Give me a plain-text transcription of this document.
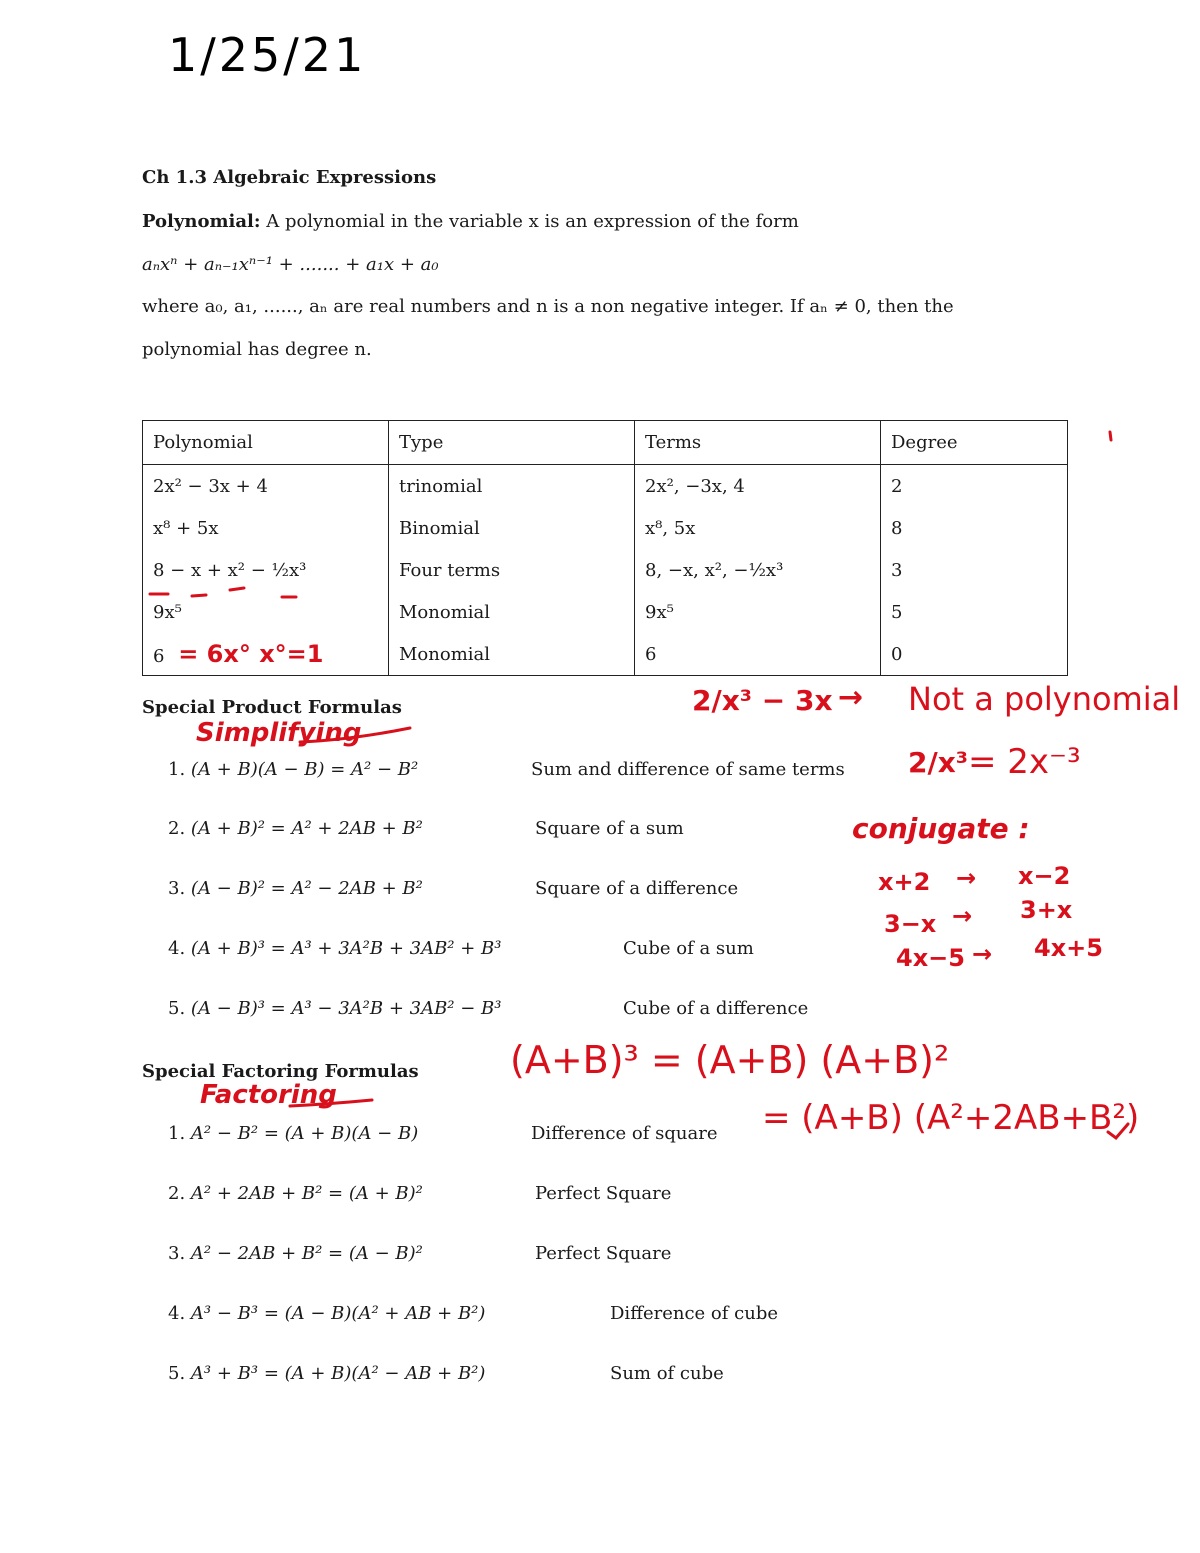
1/25/21
Ch 1.3 Algebraic Expressions
Polynomial: A polynomial in the variable x is an expression of the form
aₙxⁿ + aₙ₋₁xⁿ⁻¹ + ....... + a₁x + a₀
where a₀, a₁, ......, aₙ are real numbers and n is a non negative integer. If aₙ ≠ 0, then the
polynomial has degree n.
Polynomial	Type	Terms	Degree
2x² − 3x + 4	trinomial	2x², −3x, 4	2
x⁸ + 5x	Binomial	x⁸, 5x	8
8 − x + x² − ½x³	Four terms	8, −x, x², −½x³	3
9x⁵	Monomial	9x⁵	5
6 = 6x° x°=1	Monomial	6	0
Special Product Formulas
Simplifying
1. (A + B)(A − B) = A² − B²	Sum and difference of same terms
2. (A + B)² = A² + 2AB + B²	Square of a sum
3. (A − B)² = A² − 2AB + B²	Square of a difference
4. (A + B)³ = A³ + 3A²B + 3AB² + B³	Cube of a sum
5. (A − B)³ = A³ − 3A²B + 3AB² − B³	Cube of a difference
Special Factoring Formulas
Factoring
1. A² − B² = (A + B)(A − B)	Difference of square
2. A² + 2AB + B² = (A + B)²	Perfect Square
3. A² − 2AB + B² = (A − B)²	Perfect Square
4. A³ − B³ = (A − B)(A² + AB + B²)	Difference of cube
5. A³ + B³ = (A + B)(A² − AB + B²)	Sum of cube
2/x³ − 3x → Not a polynomial
2/x³ = 2x⁻³
conjugate :
x+2 → x−2
3−x → 3+x
4x−5 → 4x+5
(A+B)³ = (A+B) (A+B)²
= (A+B) (A²+2AB+B²)
